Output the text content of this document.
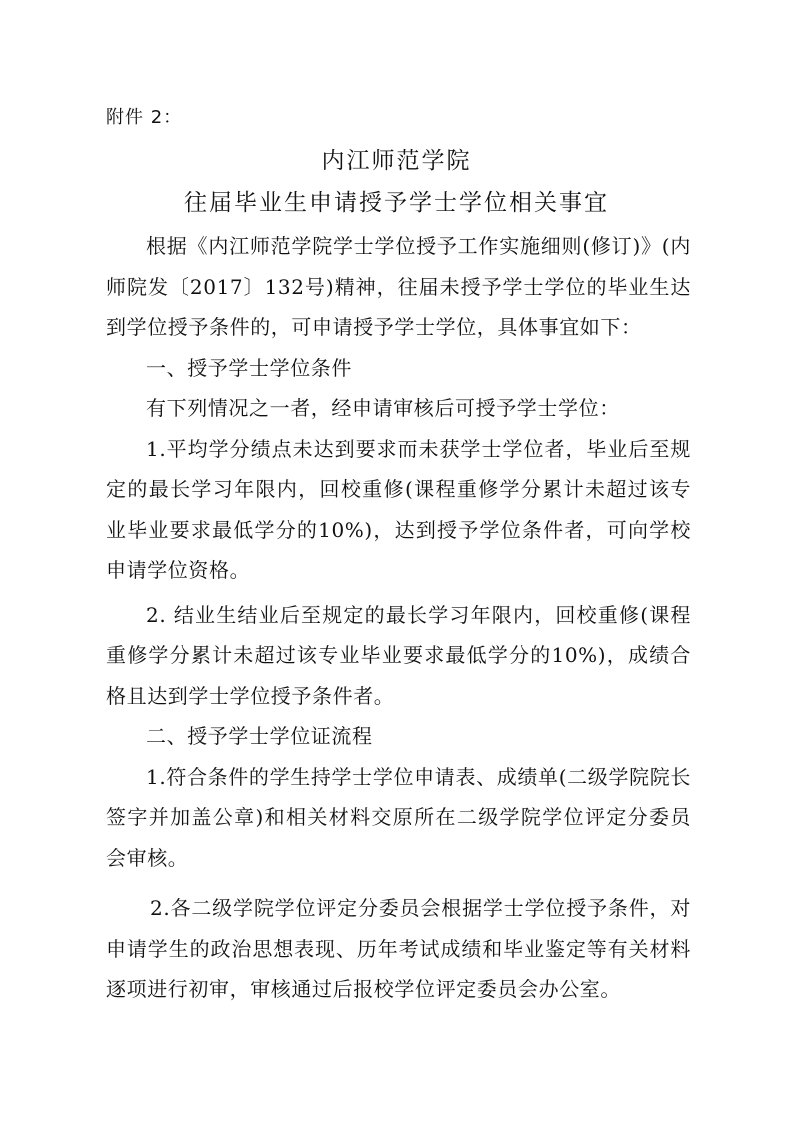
附件 2：
内江师范学院
往届毕业生申请授予学士学位相关事宜

根据《内江师范学院学士学位授予工作实施细则(修订)》(内师院发〔2017〕132号)精神，往届未授予学士学位的毕业生达到学位授予条件的，可申请授予学士学位，具体事宜如下：

一、授予学士学位条件

有下列情况之一者，经申请审核后可授予学士学位：

1.平均学分绩点未达到要求而未获学士学位者，毕业后至规定的最长学习年限内，回校重修(课程重修学分累计未超过该专业毕业要求最低学分的10%)，达到授予学位条件者，可向学校申请学位资格。

2. 结业生结业后至规定的最长学习年限内，回校重修(课程重修学分累计未超过该专业毕业要求最低学分的10%)，成绩合格且达到学士学位授予条件者。

二、授予学士学位证流程

1.符合条件的学生持学士学位申请表、成绩单(二级学院院长签字并加盖公章)和相关材料交原所在二级学院学位评定分委员会审核。

2.各二级学院学位评定分委员会根据学士学位授予条件，对申请学生的政治思想表现、历年考试成绩和毕业鉴定等有关材料逐项进行初审，审核通过后报校学位评定委员会办公室。
